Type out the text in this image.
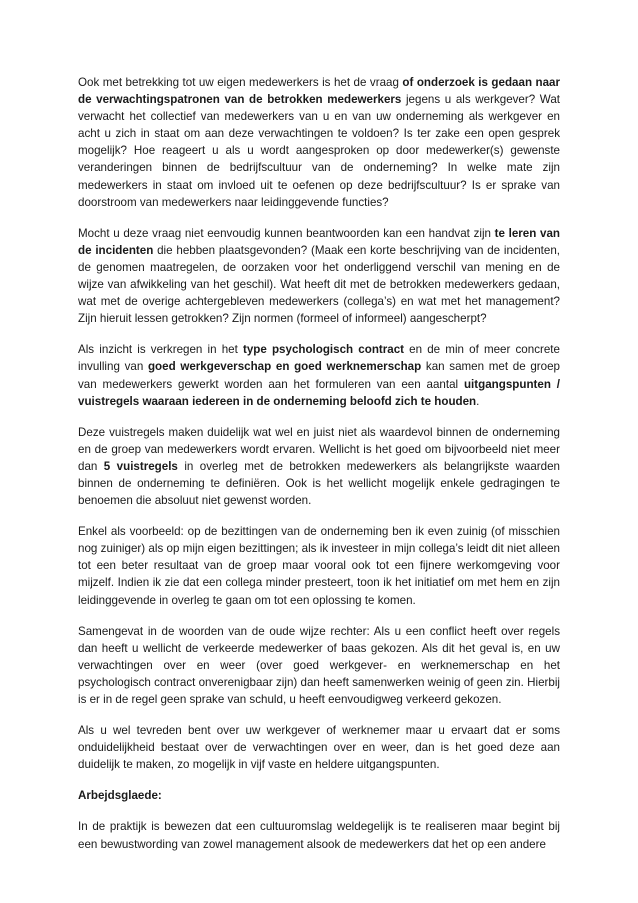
Ook met betrekking tot uw eigen medewerkers is het de vraag of onderzoek is gedaan naar de verwachtingspatronen van de betrokken medewerkers jegens u als werkgever? Wat verwacht het collectief van medewerkers van u en van uw onderneming als werkgever en acht u zich in staat om aan deze verwachtingen te voldoen? Is ter zake een open gesprek mogelijk? Hoe reageert u als u wordt aangesproken op door medewerker(s) gewenste veranderingen binnen de bedrijfscultuur van de onderneming? In welke mate zijn medewerkers in staat om invloed uit te oefenen op deze bedrijfscultuur? Is er sprake van doorstroom van medewerkers naar leidinggevende functies?

Mocht u deze vraag niet eenvoudig kunnen beantwoorden kan een handvat zijn te leren van de incidenten die hebben plaatsgevonden? (Maak een korte beschrijving van de incidenten, de genomen maatregelen, de oorzaken voor het onderliggend verschil van mening en de wijze van afwikkeling van het geschil). Wat heeft dit met de betrokken medewerkers gedaan, wat met de overige achtergebleven medewerkers (collega’s) en wat met het management? Zijn hieruit lessen getrokken? Zijn normen (formeel of informeel) aangescherpt?

Als inzicht is verkregen in het type psychologisch contract en de min of meer concrete invulling van goed werkgeverschap en goed werknemerschap kan samen met de groep van medewerkers gewerkt worden aan het formuleren van een aantal uitgangspunten / vuistregels waaraan iedereen in de onderneming beloofd zich te houden.

Deze vuistregels maken duidelijk wat wel en juist niet als waardevol binnen de onderneming en de groep van medewerkers wordt ervaren. Wellicht is het goed om bijvoorbeeld niet meer dan 5 vuistregels in overleg met de betrokken medewerkers als belangrijkste waarden binnen de onderneming te definiëren. Ook is het wellicht mogelijk enkele gedragingen te benoemen die absoluut niet gewenst worden.

Enkel als voorbeeld: op de bezittingen van de onderneming ben ik even zuinig (of misschien nog zuiniger) als op mijn eigen bezittingen; als ik investeer in mijn collega’s leidt dit niet alleen tot een beter resultaat van de groep maar vooral ook tot een fijnere werkomgeving voor mijzelf. Indien ik zie dat een collega minder presteert, toon ik het initiatief om met hem en zijn leidinggevende in overleg te gaan om tot een oplossing te komen.

Samengevat in de woorden van de oude wijze rechter: Als u een conflict heeft over regels dan heeft u wellicht de verkeerde medewerker of baas gekozen. Als dit het geval is, en uw verwachtingen over en weer (over goed werkgever- en werknemerschap en het psychologisch contract onverenigbaar zijn) dan heeft samenwerken weinig of geen zin. Hierbij is er in de regel geen sprake van schuld, u heeft eenvoudigweg verkeerd gekozen.

Als u wel tevreden bent over uw werkgever of werknemer maar u ervaart dat er soms onduidelijkheid bestaat over de verwachtingen over en weer, dan is het goed deze aan duidelijk te maken, zo mogelijk in vijf vaste en heldere uitgangspunten.

Arbejdsglaede:

In de praktijk is bewezen dat een cultuuromslag weldegelijk is te realiseren maar begint bij een bewustwording van zowel management alsook de medewerkers dat het op een andere
